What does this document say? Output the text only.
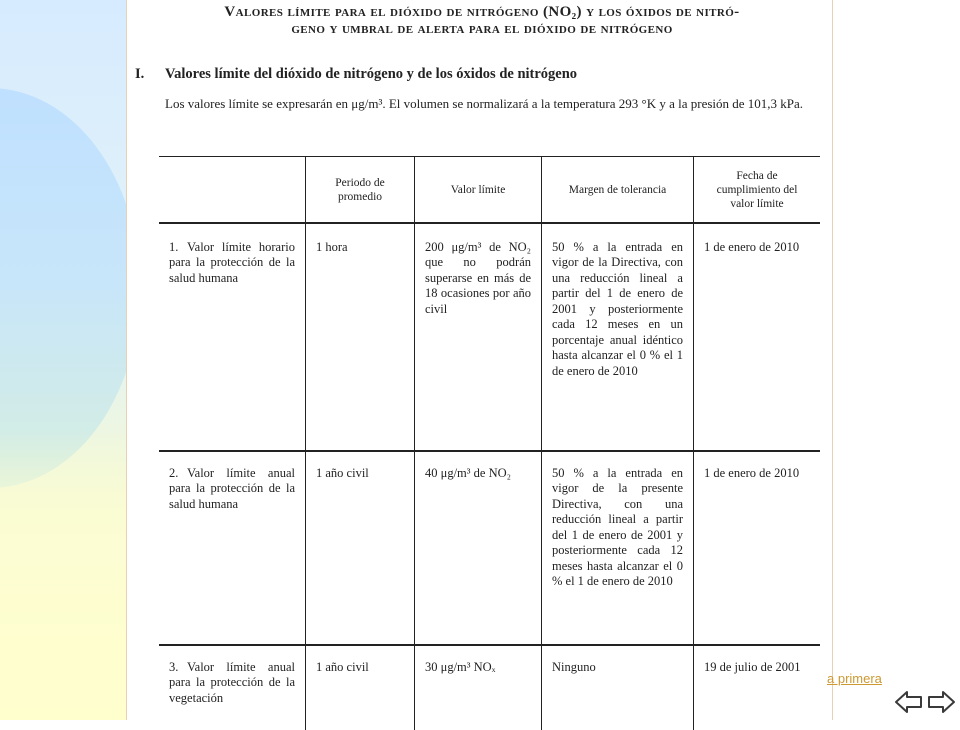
Valores límite para el dióxido de nitrógeno (NO₂) y los óxidos de nitró-
geno y umbral de alerta para el dióxido de nitrógeno
I. Valores límite del dióxido de nitrógeno y de los óxidos de nitrógeno
Los valores límite se expresarán en μg/m³. El volumen se normalizará a la temperatura 293 °K y a la presión de 101,3 kPa.
	Periodo de promedio	Valor límite	Margen de tolerancia	Fecha de cumplimiento del valor límite
1. Valor límite horario para la protección de la salud humana	1 hora	200 μg/m³ de NO₂ que no podrán superarse en más de 18 ocasiones por año civil	50 % a la entrada en vigor de la Directiva, con una reducción lineal a partir del 1 de enero de 2001 y posteriormente cada 12 meses en un porcentaje anual idéntico hasta alcanzar el 0 % el 1 de enero de 2010	1 de enero de 2010
2. Valor límite anual para la protección de la salud humana	1 año civil	40 μg/m³ de NO₂	50 % a la entrada en vigor de la presente Directiva, con una reducción lineal a partir del 1 de enero de 2001 y posteriormente cada 12 meses hasta alcanzar el 0 % el 1 de enero de 2010	1 de enero de 2010
3. Valor límite anual para la protección de la vegetación	1 año civil	30 μg/m³ NOₓ	Ninguno	19 de julio de 2001
a primera
